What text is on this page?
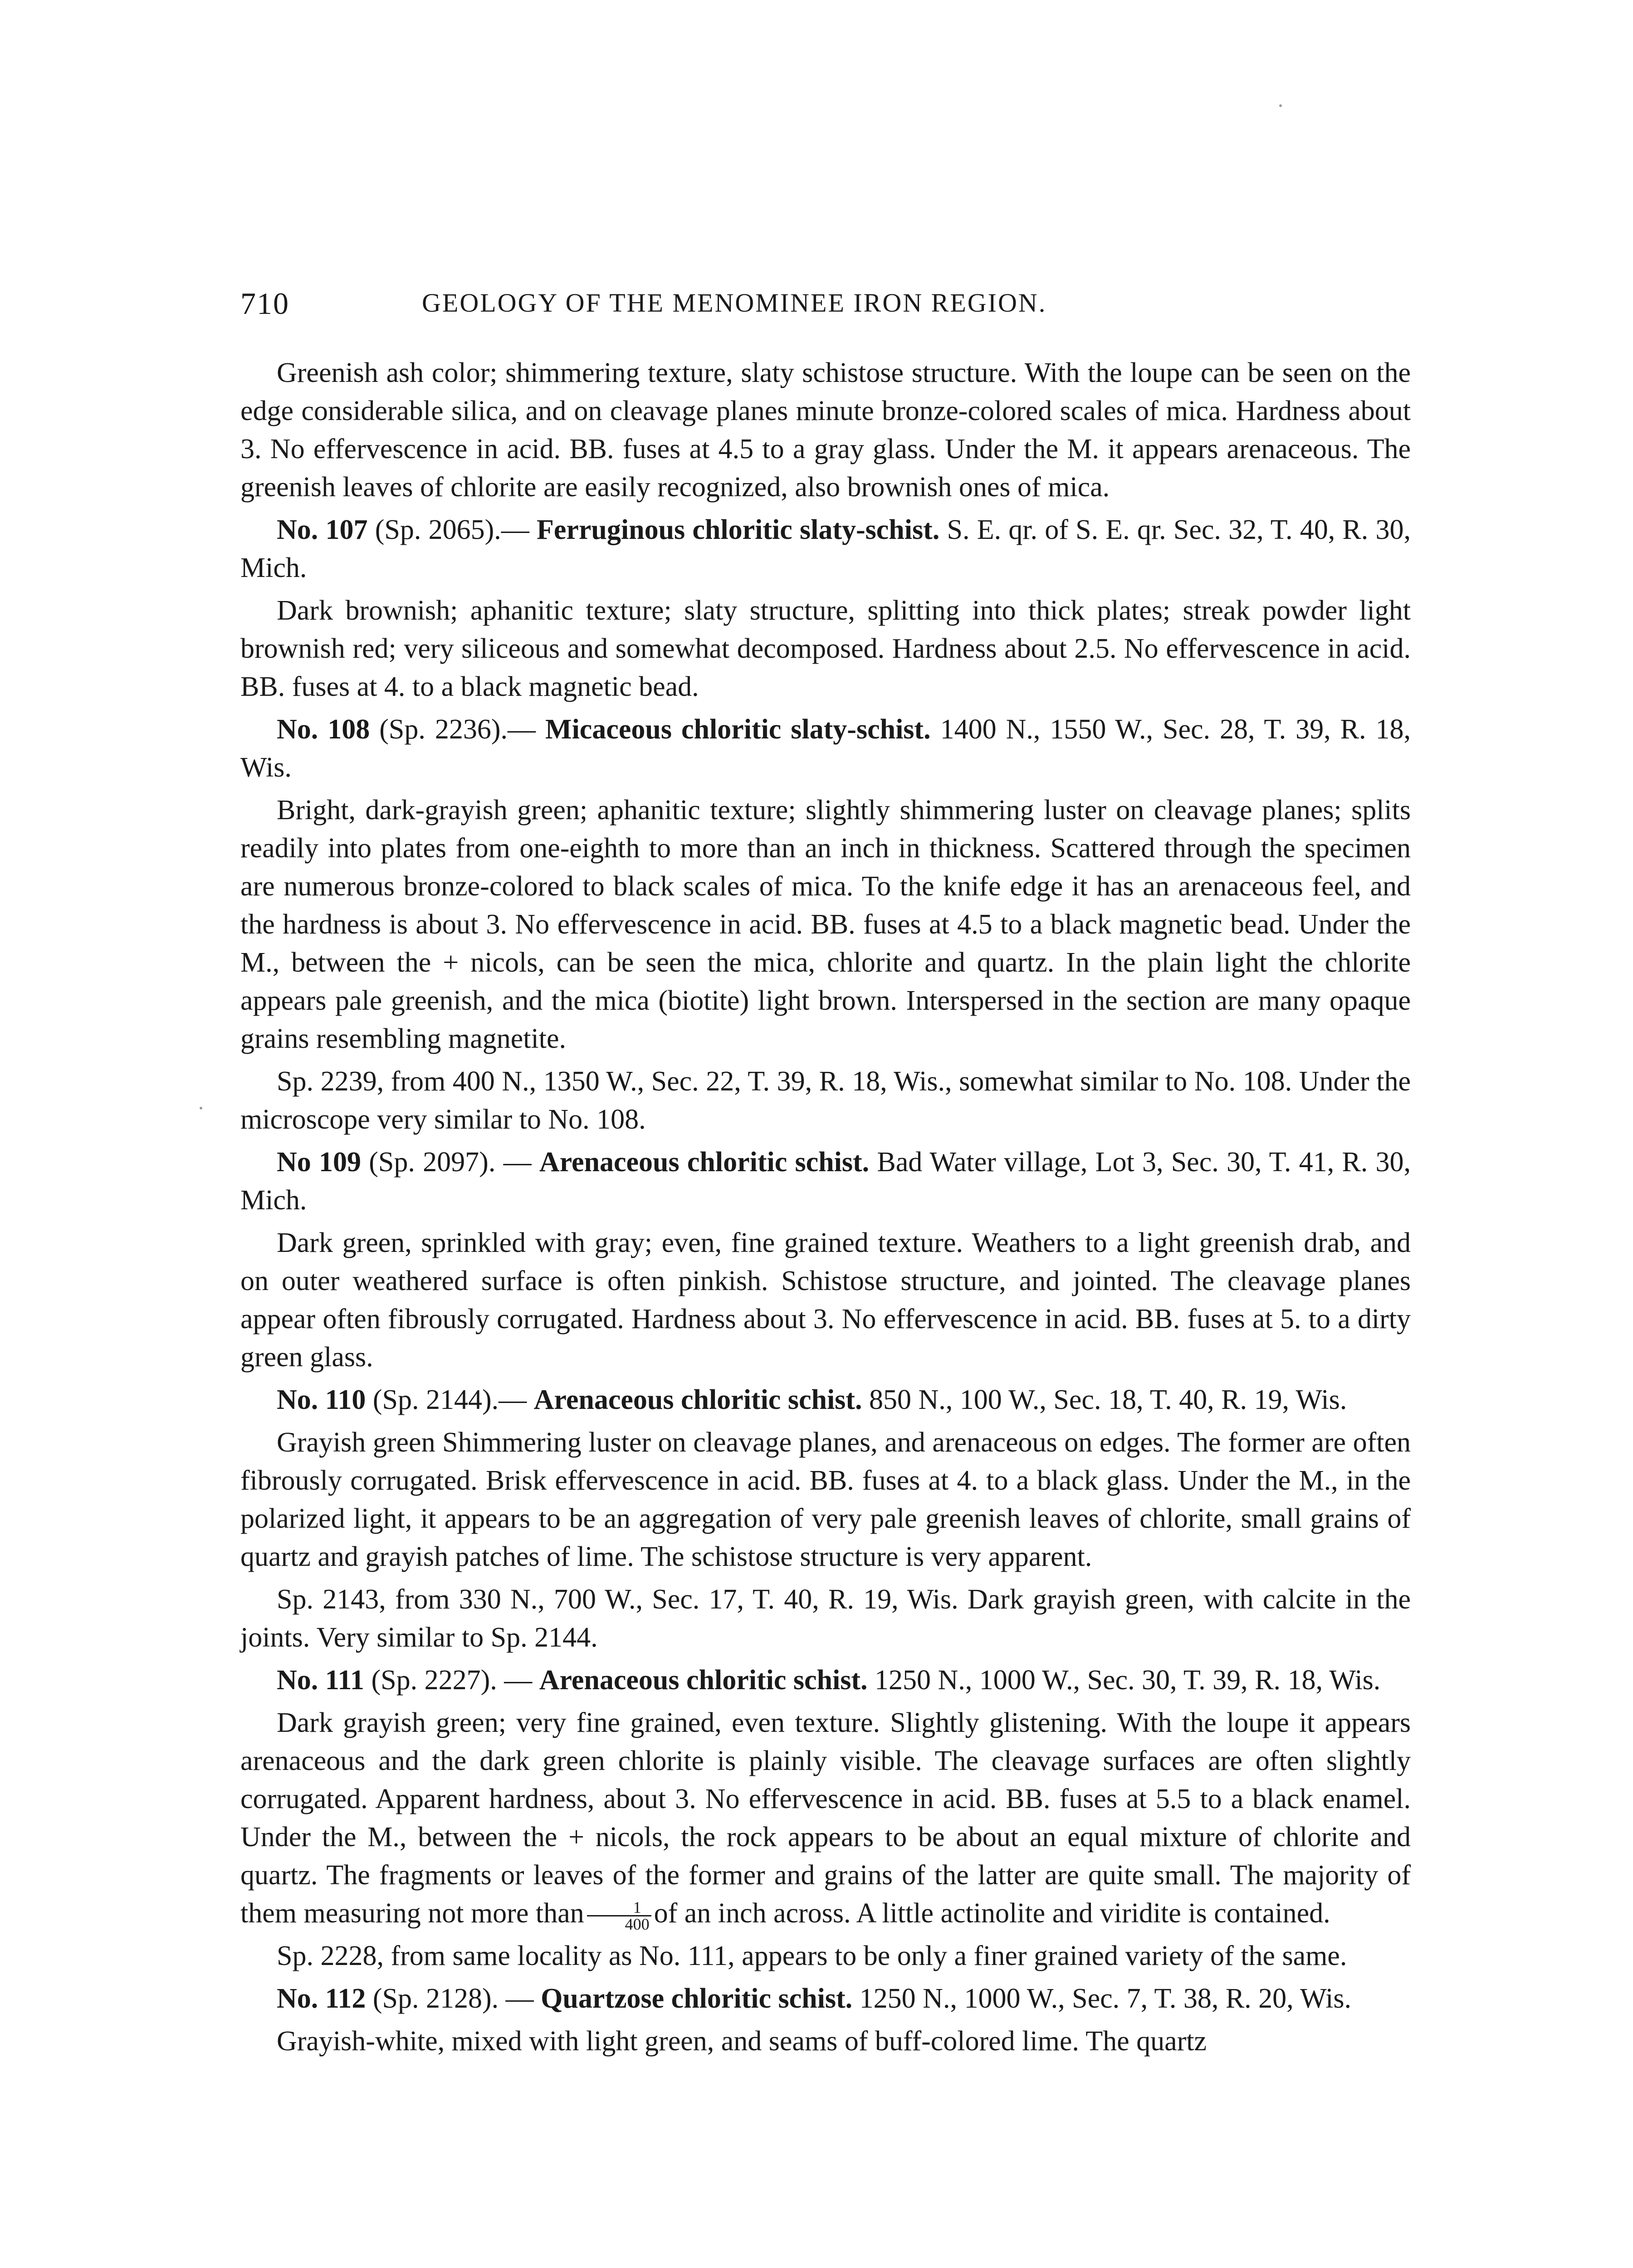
710	GEOLOGY OF THE MENOMINEE IRON REGION.

Greenish ash color; shimmering texture, slaty schistose structure. With the loupe can be seen on the edge considerable silica, and on cleavage planes minute bronze-colored scales of mica. Hardness about 3. No effervescence in acid. BB. fuses at 4.5 to a gray glass. Under the M. it appears arenaceous. The greenish leaves of chlorite are easily recognized, also brownish ones of mica.

No. 107 (Sp. 2065).— Ferruginous chloritic slaty-schist. S. E. qr. of S. E. qr. Sec. 32, T. 40, R. 30, Mich.

Dark brownish; aphanitic texture; slaty structure, splitting into thick plates; streak powder light brownish red; very siliceous and somewhat decomposed. Hardness about 2.5. No effervescence in acid. BB. fuses at 4. to a black magnetic bead.

No. 108 (Sp. 2236).— Micaceous chloritic slaty-schist. 1400 N., 1550 W., Sec. 28, T. 39, R. 18, Wis.

Bright, dark-grayish green; aphanitic texture; slightly shimmering luster on cleavage planes; splits readily into plates from one-eighth to more than an inch in thickness. Scattered through the specimen are numerous bronze-colored to black scales of mica. To the knife edge it has an arenaceous feel, and the hardness is about 3. No effervescence in acid. BB. fuses at 4.5 to a black magnetic bead. Under the M., between the + nicols, can be seen the mica, chlorite and quartz. In the plain light the chlorite appears pale greenish, and the mica (biotite) light brown. Interspersed in the section are many opaque grains resembling magnetite.

Sp. 2239, from 400 N., 1350 W., Sec. 22, T. 39, R. 18, Wis., somewhat similar to No. 108. Under the microscope very similar to No. 108.

No 109 (Sp. 2097). — Arenaceous chloritic schist. Bad Water village, Lot 3, Sec. 30, T. 41, R. 30, Mich.

Dark green, sprinkled with gray; even, fine grained texture. Weathers to a light greenish drab, and on outer weathered surface is often pinkish. Schistose structure, and jointed. The cleavage planes appear often fibrously corrugated. Hardness about 3. No effervescence in acid. BB. fuses at 5. to a dirty green glass.

No. 110 (Sp. 2144).— Arenaceous chloritic schist. 850 N., 100 W., Sec. 18, T. 40, R. 19, Wis.

Grayish green Shimmering luster on cleavage planes, and arenaceous on edges. The former are often fibrously corrugated. Brisk effervescence in acid. BB. fuses at 4. to a black glass. Under the M., in the polarized light, it appears to be an aggregation of very pale greenish leaves of chlorite, small grains of quartz and grayish patches of lime. The schistose structure is very apparent.

Sp. 2143, from 330 N., 700 W., Sec. 17, T. 40, R. 19, Wis. Dark grayish green, with calcite in the joints. Very similar to Sp. 2144.

No. 111 (Sp. 2227). — Arenaceous chloritic schist. 1250 N., 1000 W., Sec. 30, T. 39, R. 18, Wis.

Dark grayish green; very fine grained, even texture. Slightly glistening. With the loupe it appears arenaceous and the dark green chlorite is plainly visible. The cleavage surfaces are often slightly corrugated. Apparent hardness, about 3. No effervescence in acid. BB. fuses at 5.5 to a black enamel. Under the M., between the + nicols, the rock appears to be about an equal mixture of chlorite and quartz. The fragments or leaves of the former and grains of the latter are quite small. The majority of them measuring not more than $\frac{1}{400}$ of an inch across. A little actinolite and viridite is contained.

Sp. 2228, from same locality as No. 111, appears to be only a finer grained variety of the same.

No. 112 (Sp. 2128). — Quartzose chloritic schist. 1250 N., 1000 W., Sec. 7, T. 38, R. 20, Wis.

Grayish-white, mixed with light green, and seams of buff-colored lime. The quartz
